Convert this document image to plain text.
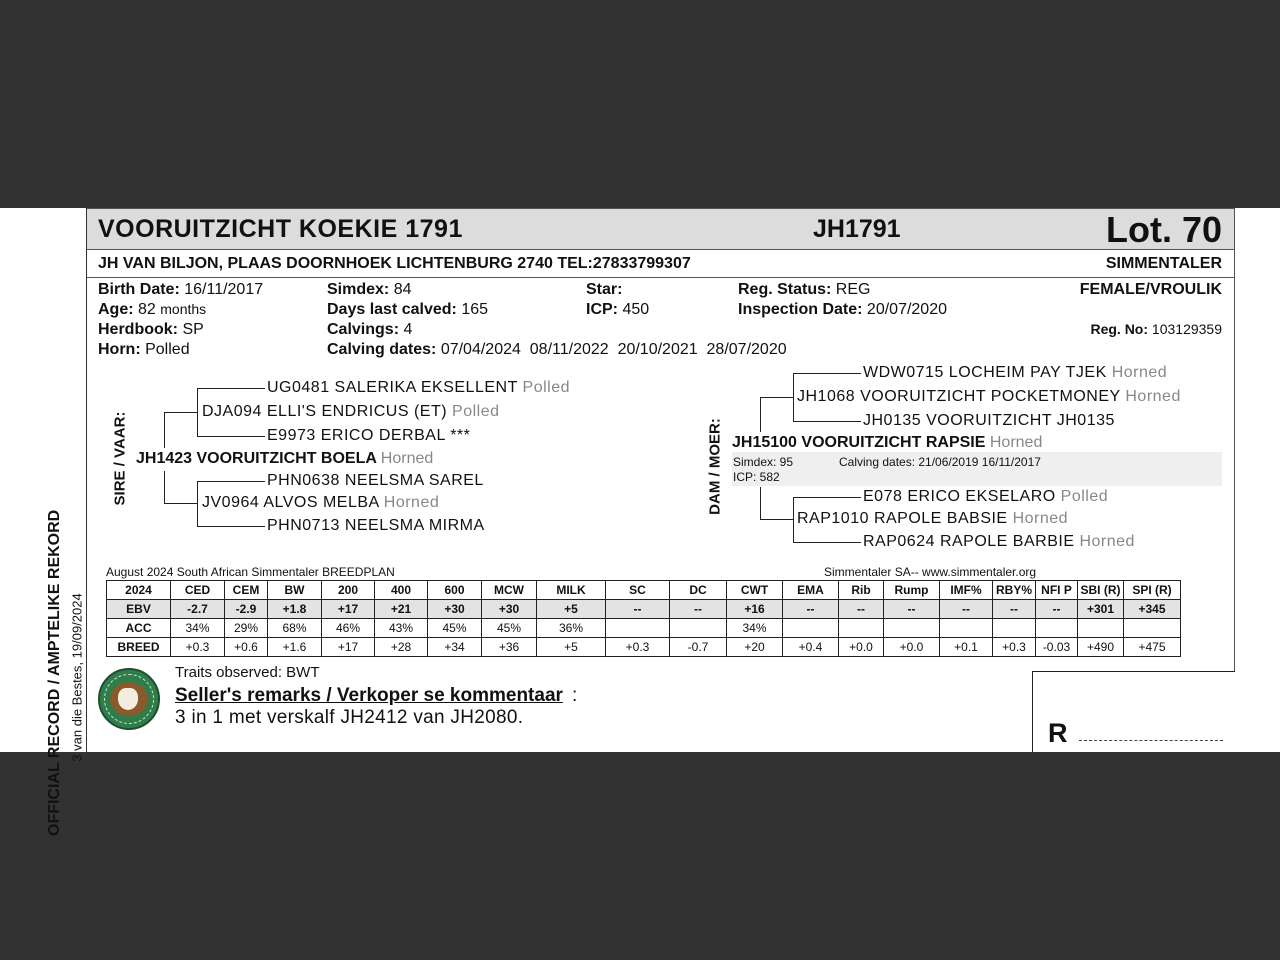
OFFICIAL RECORD / AMPTELIKE REKORD 3 van die Bestes, 19/09/2024
VOORUITZICHT KOEKIE 1791	JH1791	Lot. 70
JH VAN BILJON, PLAAS DOORNHOEK LICHTENBURG 2740 TEL:27833799307	SIMMENTALER
Birth Date: 16/11/2017
Age: 82 months
Herdbook: SP
Horn: Polled
Simdex: 84
Days last calved: 165
Calvings: 4
Calving dates: 07/04/2024  08/11/2022  20/10/2021  28/07/2020
Star:
ICP: 450
Reg. Status: REG
Inspection Date: 20/07/2020
FEMALE/VROULIK
Reg. No: 103129359
SIRE / VAAR:
UG0481 SALERIKA EKSELLENT Polled
DJA094 ELLI'S ENDRICUS (ET) Polled
E9973 ERICO DERBAL ***
JH1423 VOORUITZICHT BOELA Horned
PHN0638 NEELSMA SAREL
JV0964 ALVOS MELBA Horned
PHN0713 NEELSMA MIRMA
DAM / MOER:
WDW0715 LOCHEIM PAY TJEK Horned
JH1068 VOORUITZICHT POCKETMONEY Horned
JH0135 VOORUITZICHT JH0135
JH15100 VOORUITZICHT RAPSIE Horned
Simdex: 95	Calving dates: 21/06/2019 16/11/2017
ICP: 582
E078 ERICO EKSELARO Polled
RAP1010 RAPOLE BABSIE Horned
RAP0624 RAPOLE BARBIE Horned
August 2024 South African Simmentaler BREEDPLAN	Simmentaler SA-- www.simmentaler.org
2024	CED	CEM	BW	200	400	600	MCW	MILK	SC	DC	CWT	EMA	Rib	Rump	IMF%	RBY%	NFI P	SBI (R)	SPI (R)
EBV	-2.7	-2.9	+1.8	+17	+21	+30	+30	+5	--	--	+16	--	--	--	--	--	--	+301	+345
ACC	34%	29%	68%	46%	43%	45%	45%	36%			34%								
BREED	+0.3	+0.6	+1.6	+17	+28	+34	+36	+5	+0.3	-0.7	+20	+0.4	+0.0	+0.0	+0.1	+0.3	-0.03	+490	+475
Traits observed: BWT
Seller's remarks / Verkoper se kommentaar :
3 in 1 met verskalf JH2412 van JH2080.
R
